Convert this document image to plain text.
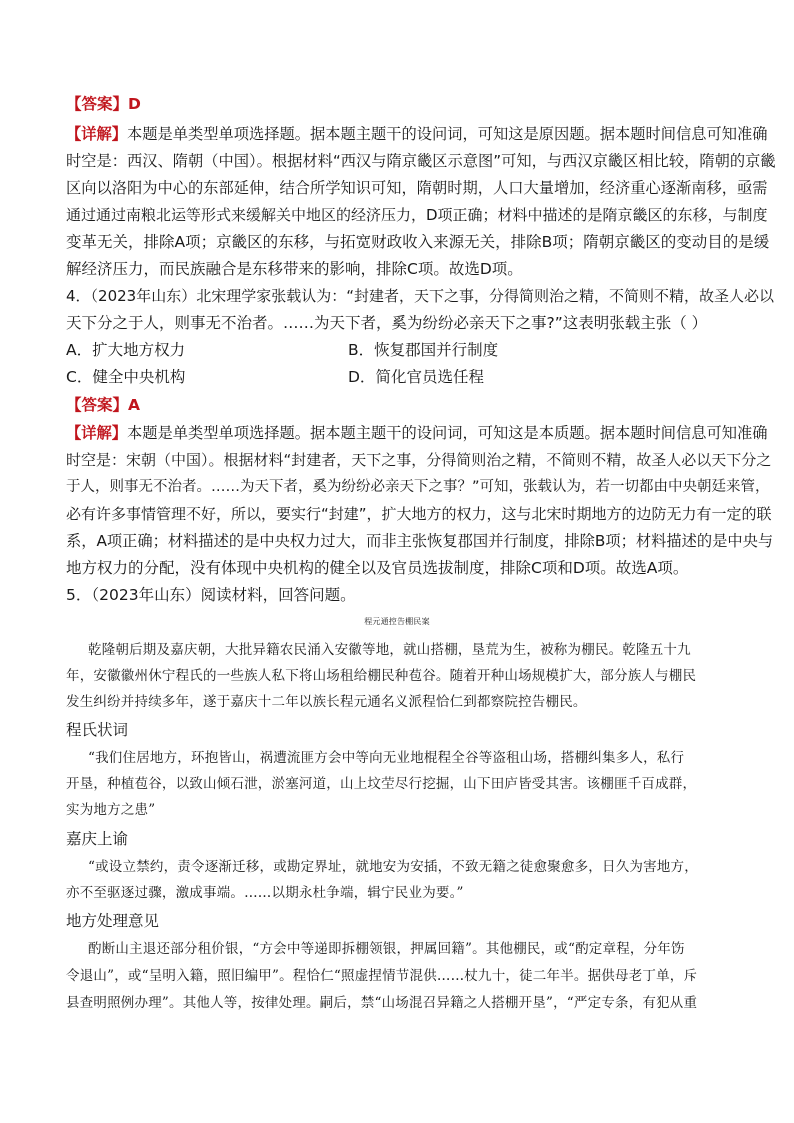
【答案】D
【详解】本题是单类型单项选择题。据本题主题干的设问词，可知这是原因题。据本题时间信息可知准确
时空是：西汉、隋朝（中国）。根据材料“西汉与隋京畿区示意图”可知，与西汉京畿区相比较，隋朝的京畿
区向以洛阳为中心的东部延伸，结合所学知识可知，隋朝时期，人口大量增加，经济重心逐渐南移，亟需
通过通过南粮北运等形式来缓解关中地区的经济压力，D项正确；材料中描述的是隋京畿区的东移，与制度
变革无关，排除A项；京畿区的东移，与拓宽财政收入来源无关，排除B项；隋朝京畿区的变动目的是缓
解经济压力，而民族融合是东移带来的影响，排除C项。故选D项。
4．（2023年山东）北宋理学家张载认为：“封建者，天下之事，分得简则治之精，不简则不精，故圣人必以
天下分之于人，则事无不治者。……为天下者，奚为纷纷必亲天下之事?”这表明张载主张（ ）
A．扩大地方权力	B．恢复郡国并行制度
C．健全中央机构	D．简化官员选任程
【答案】A
【详解】本题是单类型单项选择题。据本题主题干的设问词，可知这是本质题。据本题时间信息可知准确
时空是：宋朝（中国）。根据材料“封建者，天下之事，分得简则治之精，不简则不精，故圣人必以天下分之
于人，则事无不治者。……为天下者，奚为纷纷必亲天下之事？”可知，张载认为，若一切都由中央朝廷来管，
必有许多事情管理不好，所以，要实行“封建”，扩大地方的权力，这与北宋时期地方的边防无力有一定的联
系，A项正确；材料描述的是中央权力过大，而非主张恢复郡国并行制度，排除B项；材料描述的是中央与
地方权力的分配，没有体现中央机构的健全以及官员选拔制度，排除C项和D项。故选A项。
5．（2023年山东）阅读材料，回答问题。
程元通控告棚民案
乾隆朝后期及嘉庆朝，大批异籍农民涌入安徽等地，就山搭棚，垦荒为生，被称为棚民。乾隆五十九
年，安徽徽州休宁程氏的一些族人私下将山场租给棚民种苞谷。随着开种山场规模扩大，部分族人与棚民
发生纠纷并持续多年，遂于嘉庆十二年以族长程元通名义派程恰仁到都察院控告棚民。
程氏状词
“我们住居地方，环抱皆山，祸遭流匪方会中等向无业地棍程全谷等盗租山场，搭棚纠集多人，私行
开垦，种植苞谷，以致山倾石泄，淤塞河道，山上坟茔尽行挖掘，山下田庐皆受其害。该棚匪千百成群，
实为地方之患”
嘉庆上谕
“或设立禁约，责令逐渐迁移，或勘定界址，就地安为安插，不致无籍之徒愈聚愈多，日久为害地方，
亦不至驱逐过骤，激成事端。……以期永杜争端，辑宁民业为要。”
地方处理意见
酌断山主退还部分租价银，“方会中等递即拆棚领银，押属回籍”。其他棚民，或“酌定章程，分年饬
令退山”，或“呈明入籍，照旧编甲”。程恰仁“照虚捏情节混供……杖九十，徒二年半。据供母老丁单，斥
县查明照例办理”。其他人等，按律处理。嗣后，禁“山场混召异籍之人搭棚开垦”，“严定专条，有犯从重
